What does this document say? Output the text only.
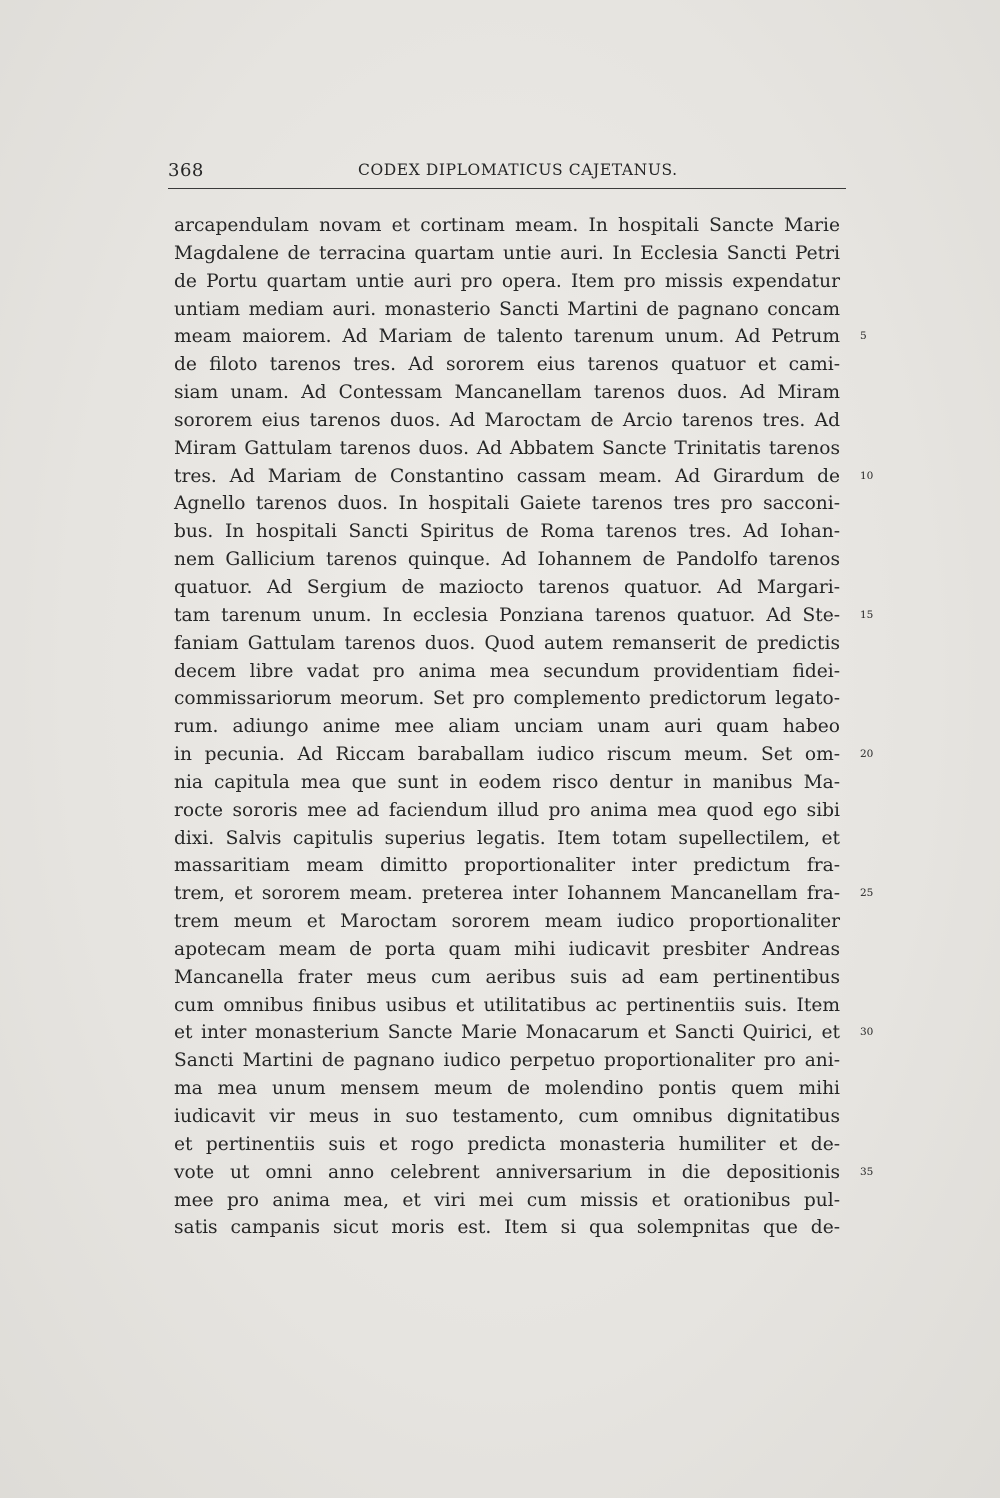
368	CODEX DIPLOMATICUS CAJETANUS.
arcapendulam novam et cortinam meam. In hospitali Sancte Marie
Magdalene de terracina quartam untie auri. In Ecclesia Sancti Petri
de Portu quartam untie auri pro opera. Item pro missis expendatur
untiam mediam auri. monasterio Sancti Martini de pagnano concam
meam maiorem. Ad Mariam de talento tarenum unum. Ad Petrum 5
de filoto tarenos tres. Ad sororem eius tarenos quatuor et cami-
siam unam. Ad Contessam Mancanellam tarenos duos. Ad Miram
sororem eius tarenos duos. Ad Maroctam de Arcio tarenos tres. Ad
Miram Gattulam tarenos duos. Ad Abbatem Sancte Trinitatis tarenos
tres. Ad Mariam de Constantino cassam meam. Ad Girardum de 10
Agnello tarenos duos. In hospitali Gaiete tarenos tres pro sacconi-
bus. In hospitali Sancti Spiritus de Roma tarenos tres. Ad Iohan-
nem Gallicium tarenos quinque. Ad Iohannem de Pandolfo tarenos
quatuor. Ad Sergium de maziocto tarenos quatuor. Ad Margari-
tam tarenum unum. In ecclesia Ponziana tarenos quatuor. Ad Ste- 15
faniam Gattulam tarenos duos. Quod autem remanserit de predictis
decem libre vadat pro anima mea secundum providentiam fidei-
commissariorum meorum. Set pro complemento predictorum legato-
rum. adiungo anime mee aliam unciam unam auri quam habeo
in pecunia. Ad Riccam baraballam iudico riscum meum. Set om- 20
nia capitula mea que sunt in eodem risco dentur in manibus Ma-
rocte sororis mee ad faciendum illud pro anima mea quod ego sibi
dixi. Salvis capitulis superius legatis. Item totam supellectilem, et
massaritiam meam dimitto proportionaliter inter predictum fra-
trem, et sororem meam. preterea inter Iohannem Mancanellam fra- 25
trem meum et Maroctam sororem meam iudico proportionaliter
apotecam meam de porta quam mihi iudicavit presbiter Andreas
Mancanella frater meus cum aeribus suis ad eam pertinentibus
cum omnibus finibus usibus et utilitatibus ac pertinentiis suis. Item
et inter monasterium Sancte Marie Monacarum et Sancti Quirici, et 30
Sancti Martini de pagnano iudico perpetuo proportionaliter pro ani-
ma mea unum mensem meum de molendino pontis quem mihi
iudicavit vir meus in suo testamento, cum omnibus dignitatibus
et pertinentiis suis et rogo predicta monasteria humiliter et de-
vote ut omni anno celebrent anniversarium in die depositionis 35
mee pro anima mea, et viri mei cum missis et orationibus pul-
satis campanis sicut moris est. Item si qua solempnitas que de-
